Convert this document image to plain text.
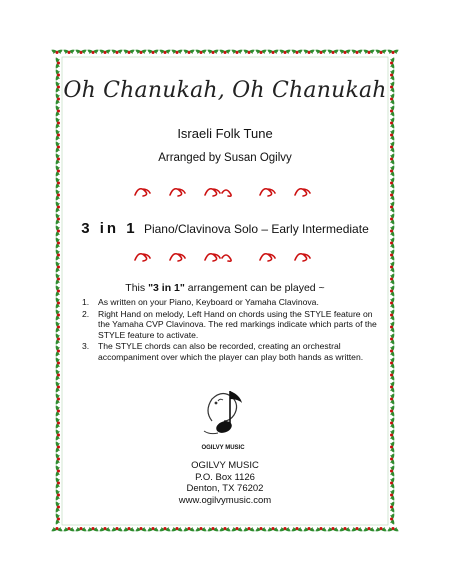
Oh Chanukah, Oh Chanukah
Israeli Folk Tune
Arranged by Susan Ogilvy
3 in 1 Piano/Clavinova Solo – Early Intermediate
This "3 in 1" arrangement can be played ~
1. As written on your Piano, Keyboard or Yamaha Clavinova.
2. Right Hand on melody, Left Hand on chords using the STYLE feature on the Yamaha CVP Clavinova. The red markings indicate which parts of the STYLE feature to activate.
3. The STYLE chords can also be recorded, creating an orchestral accompaniment over which the player can play both hands as written.
OGILVY MUSIC
OGILVY MUSIC
P.O. Box 1126
Denton, TX 76202
www.ogilvymusic.com
